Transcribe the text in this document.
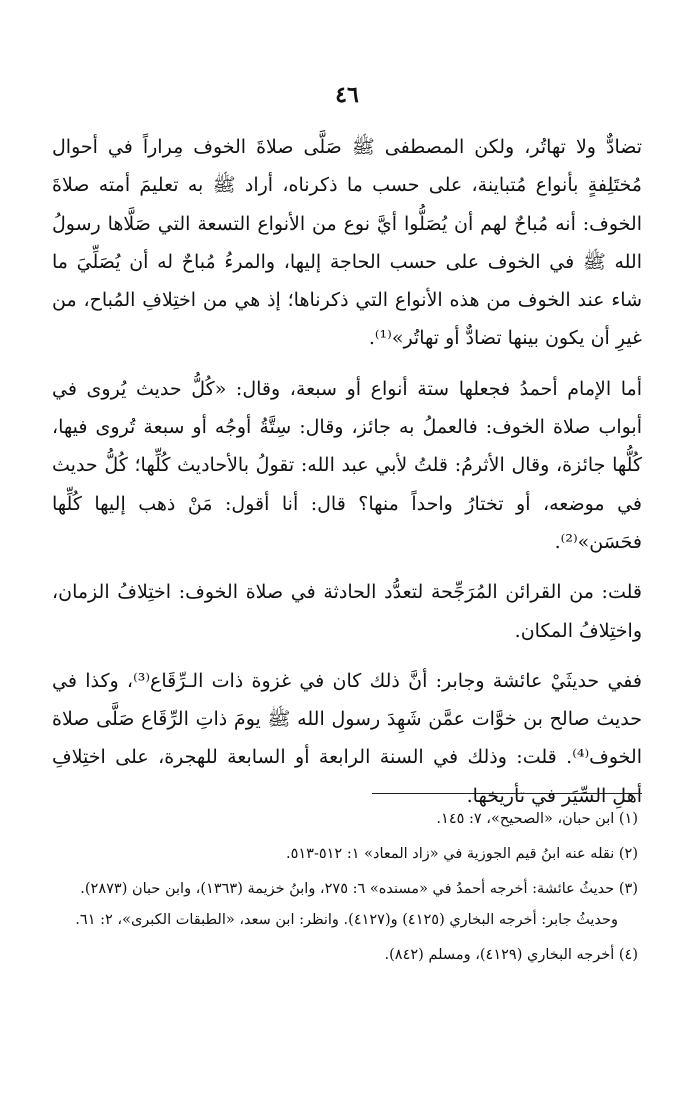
٤٦

تضادٌّ ولا تهاتُر، ولكن المصطفى ﷺ صَلَّى صلاةَ الخوف مِراراً في أحوال مُختَلِفةٍ بأنواع مُتباينة، على حسب ما ذكرناه، أراد ﷺ به تعليمَ أمته صلاةَ الخوف: أنه مُباحٌ لهم أن يُصَلُّوا أيَّ نوع من الأنواع التسعة التي صَلَّاها رسولُ الله ﷺ في الخوف على حسب الحاجة إليها، والمرءُ مُباحٌ له أن يُصَلِّيَ ما شاء عند الخوف من هذه الأنواع التي ذكرناها؛ إذ هي من اختِلافِ المُباح، من غيرِ أن يكون بينها تضادٌّ أو تهاتُر»⁽¹⁾.

أما الإمام أحمدُ فجعلها ستة أنواع أو سبعة، وقال: «كُلُّ حديث يُروى في أبواب صلاة الخوف: فالعملُ به جائز، وقال: سِتَّةُ أوجُه أو سبعة تُروى فيها، كُلُّها جائزة، وقال الأثرمُ: قلتُ لأبي عبد الله: تقولُ بالأحاديث كُلِّها؛ كُلُّ حديث في موضعه، أو تختارُ واحداً منها؟ قال: أنا أقول: مَنْ ذهب إليها كُلِّها فحَسَن»⁽²⁾.

قلت: من القرائن المُرَجِّحة لتعدُّد الحادثة في صلاة الخوف: اختِلافُ الزمان، واختِلافُ المكان.

ففي حديثَيْ عائشة وجابر: أنَّ ذلك كان في غزوة ذات الـرِّقَاع⁽³⁾، وكذا في حديث صالح بن خوَّات عمَّن شَهِدَ رسول الله ﷺ يومَ ذاتِ الرِّقَاع صَلَّى صلاة الخوف⁽⁴⁾. قلت: وذلك في السنة الرابعة أو السابعة للهجرة، على اختِلافِ أهلِ السِّيَر في تأريخها.

(١) ابن حبان، «الصحيح»، ٧: ١٤٥.

(٢) نقله عنه ابنُ قيم الجوزية في «زاد المعاد» ١: ٥١٢-٥١٣.

(٣) حديثُ عائشة: أخرجه أحمدُ في «مسنده» ٦: ٢٧٥، وابنُ خزيمة (١٣٦٣)، وابن حبان (٢٨٧٣).

وحديثُ جابر: أخرجه البخاري (٤١٢٥) و(٤١٢٧). وانظر: ابن سعد، «الطبقات الكبرى»، ٢: ٦١.

(٤) أخرجه البخاري (٤١٢٩)، ومسلم (٨٤٢).
